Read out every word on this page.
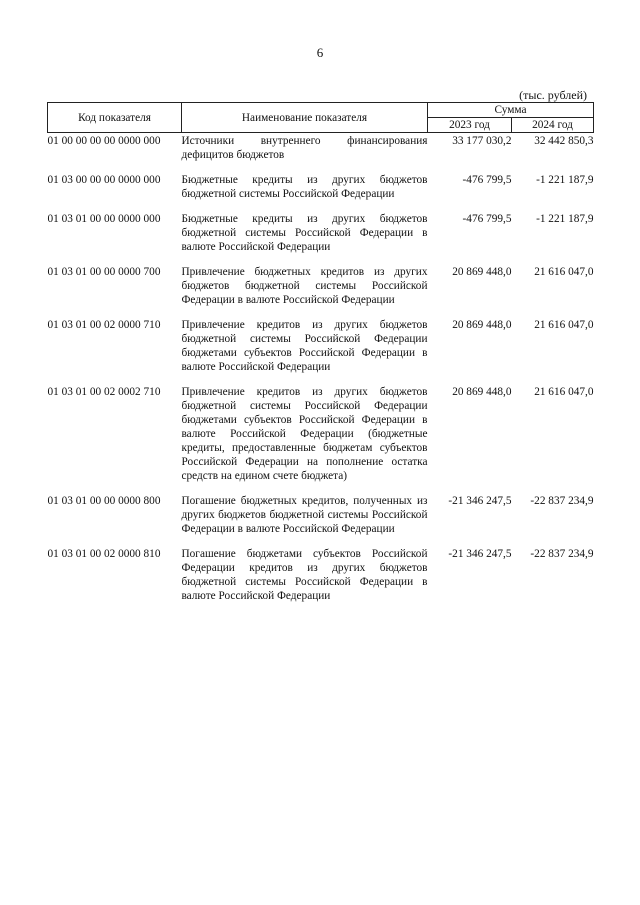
6
(тыс. рублей)
Код показателя	Наименование показателя	Сумма	
		2023 год	2024 год
01 00 00 00 00 0000 000	Источники внутреннего финансирования дефицитов бюджетов	33 177 030,2	32 442 850,3
01 03 00 00 00 0000 000	Бюджетные кредиты из других бюджетов бюджетной системы Российской Федерации	-476 799,5	-1 221 187,9
01 03 01 00 00 0000 000	Бюджетные кредиты из других бюджетов бюджетной системы Российской Федерации в валюте Российской Федерации	-476 799,5	-1 221 187,9
01 03 01 00 00 0000 700	Привлечение бюджетных кредитов из других бюджетов бюджетной системы Российской Федерации в валюте Российской Федерации	20 869 448,0	21 616 047,0
01 03 01 00 02 0000 710	Привлечение кредитов из других бюджетов бюджетной системы Российской Федерации бюджетами субъектов Российской Федерации в валюте Российской Федерации	20 869 448,0	21 616 047,0
01 03 01 00 02 0002 710	Привлечение кредитов из других бюджетов бюджетной системы Российской Федерации бюджетами субъектов Российской Федерации в валюте Российской Федерации (бюджетные кредиты, предоставленные бюджетам субъектов Российской Федерации на пополнение остатка средств на едином счете бюджета)	20 869 448,0	21 616 047,0
01 03 01 00 00 0000 800	Погашение бюджетных кредитов, полученных из других бюджетов бюджетной системы Российской Федерации в валюте Российской Федерации	-21 346 247,5	-22 837 234,9
01 03 01 00 02 0000 810	Погашение бюджетами субъектов Российской Федерации кредитов из других бюджетов бюджетной системы Российской Федерации в валюте Российской Федерации	-21 346 247,5	-22 837 234,9
